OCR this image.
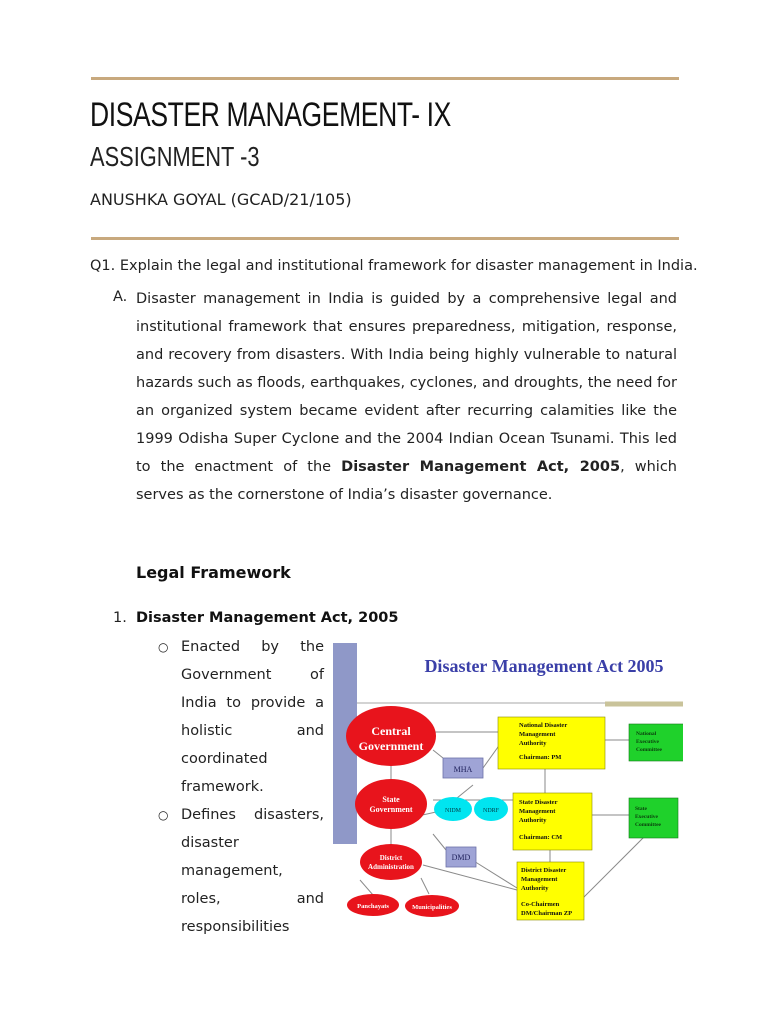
DISASTER MANAGEMENT- IX
ASSIGNMENT -3
ANUSHKA GOYAL (GCAD/21/105)
Q1. Explain the legal and institutional framework for disaster management in India.
A. Disaster management in India is guided by a comprehensive legal and institutional framework that ensures preparedness, mitigation, response, and recovery from disasters. With India being highly vulnerable to natural hazards such as floods, earthquakes, cyclones, and droughts, the need for an organized system became evident after recurring calamities like the 1999 Odisha Super Cyclone and the 2004 Indian Ocean Tsunami. This led to the enactment of the Disaster Management Act, 2005, which serves as the cornerstone of India’s disaster governance.
Legal Framework
1. Disaster Management Act, 2005
○ Enacted by the Government of India to provide a holistic and coordinated framework.
○ Defines disasters, disaster management, roles, and responsibilities
Disaster Management Act 2005
Central
Government
State
Government
District
Administration
Panchayats	Municipalities
MHA
NIDM	NDRF
DMD
National Disaster
Management
Authority
Chairman: PM
National
Executive
Committee
State Disaster
Management
Authority
Chairman: CM
State
Executive
Committee
District Disaster
Management
Authority
Co-Chairmen
DM/Chairman ZP
